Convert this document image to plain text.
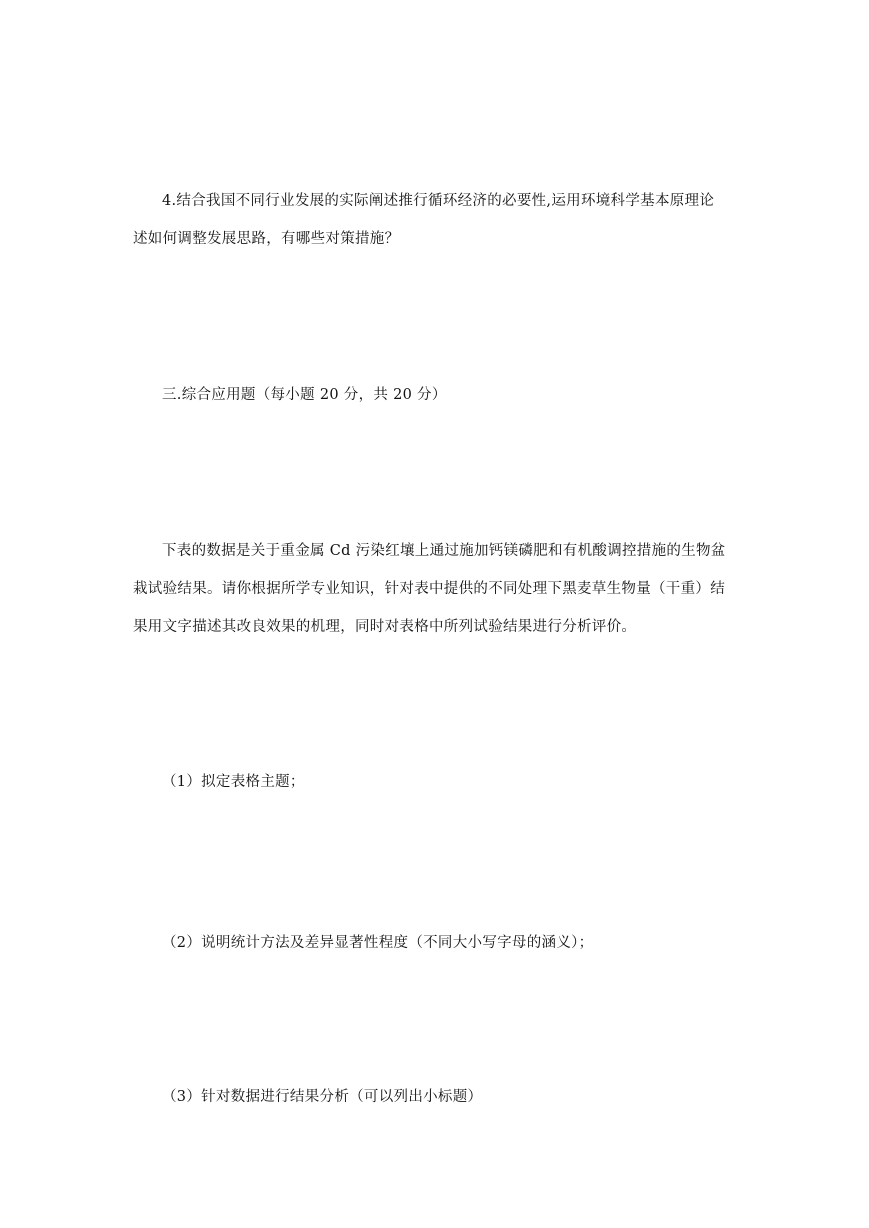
4.结合我国不同行业发展的实际阐述推行循环经济的必要性,运用环境科学基本原理论
述如何调整发展思路，有哪些对策措施？
三.综合应用题（每小题 20 分，共 20 分）
下表的数据是关于重金属 Cd 污染红壤上通过施加钙镁磷肥和有机酸调控措施的生物盆
栽试验结果。请你根据所学专业知识，针对表中提供的不同处理下黑麦草生物量（干重）结
果用文字描述其改良效果的机理，同时对表格中所列试验结果进行分析评价。
（1）拟定表格主题；
（2）说明统计方法及差异显著性程度（不同大小写字母的涵义）；
（3）针对数据进行结果分析（可以列出小标题）
